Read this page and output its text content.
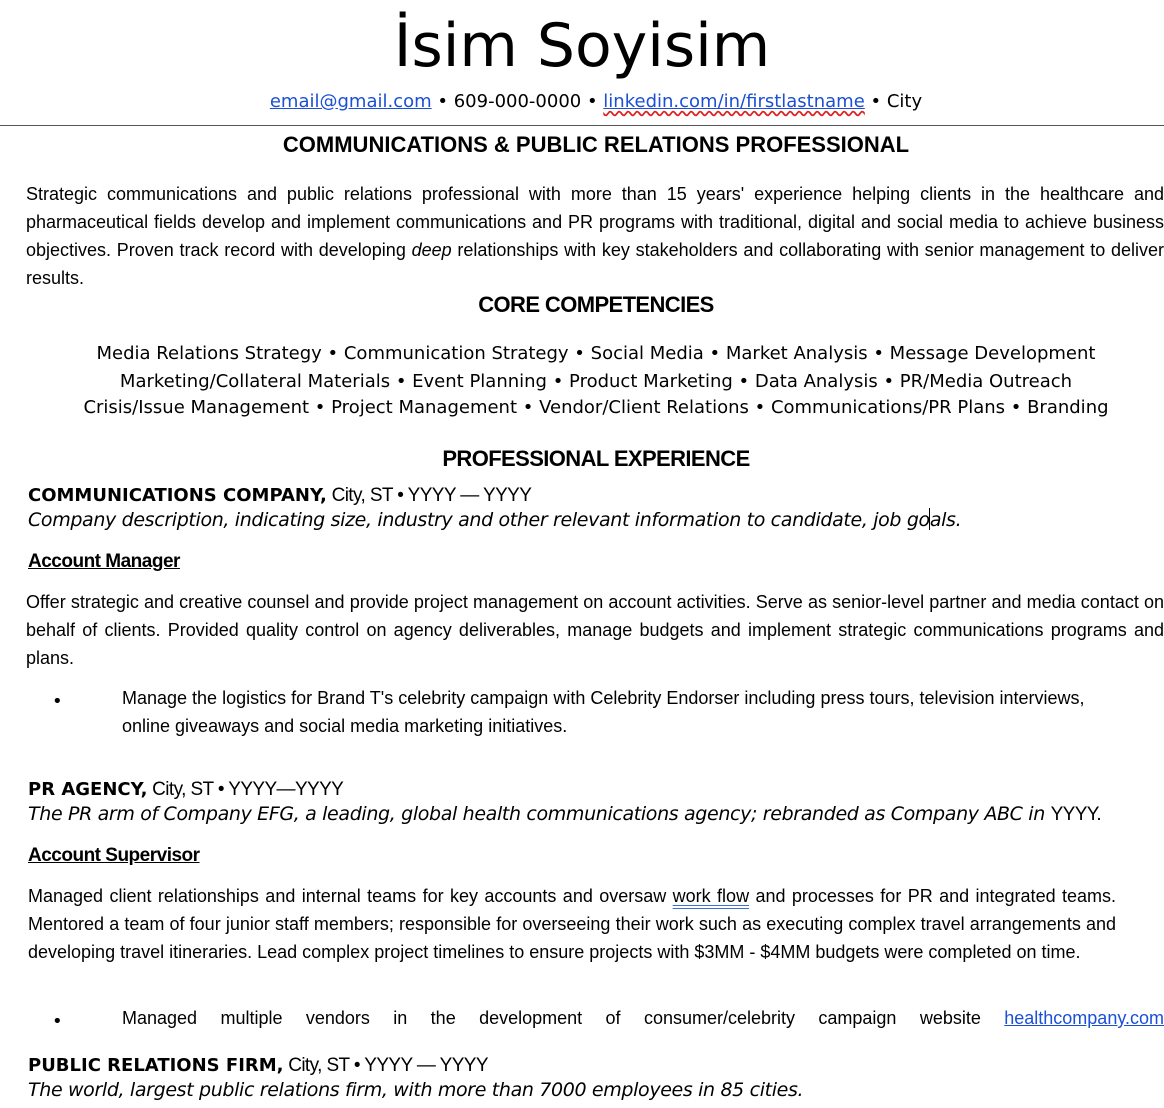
İsim Soyisim
email@gmail.com • 609-000-0000 • linkedin.com/in/firstlastname • City
COMMUNICATIONS & PUBLIC RELATIONS PROFESSIONAL
Strategic communications and public relations professional with more than 15 years' experience helping clients in the healthcare and pharmaceutical fields develop and implement communications and PR programs with traditional, digital and social media to achieve business objectives. Proven track record with developing deep relationships with key stakeholders and collaborating with senior management to deliver results.
CORE COMPETENCIES
Media Relations Strategy • Communication Strategy • Social Media • Market Analysis • Message Development
Marketing/Collateral Materials • Event Planning • Product Marketing • Data Analysis • PR/Media Outreach
Crisis/Issue Management • Project Management • Vendor/Client Relations • Communications/PR Plans • Branding
PROFESSIONAL EXPERIENCE
COMMUNICATIONS COMPANY, City, ST • YYYY — YYYY
Company description, indicating size, industry and other relevant information to candidate, job goals.
Account Manager
Offer strategic and creative counsel and provide project management on account activities. Serve as senior-level partner and media contact on behalf of clients. Provided quality control on agency deliverables, manage budgets and implement strategic communications programs and plans.
•	Manage the logistics for Brand T's celebrity campaign with Celebrity Endorser including press tours, television interviews, online giveaways and social media marketing initiatives.
PR AGENCY, City, ST • YYYY—YYYY
The PR arm of Company EFG, a leading, global health communications agency; rebranded as Company ABC in YYYY.
Account Supervisor
Managed client relationships and internal teams for key accounts and oversaw work flow and processes for PR and integrated teams. Mentored a team of four junior staff members; responsible for overseeing their work such as executing complex travel arrangements and developing travel itineraries. Lead complex project timelines to ensure projects with $3MM - $4MM budgets were completed on time.
•	Managed multiple vendors in the development of consumer/celebrity campaign website healthcompany.com
PUBLIC RELATIONS FIRM, City, ST • YYYY — YYYY
The world, largest public relations firm, with more than 7000 employees in 85 cities.
